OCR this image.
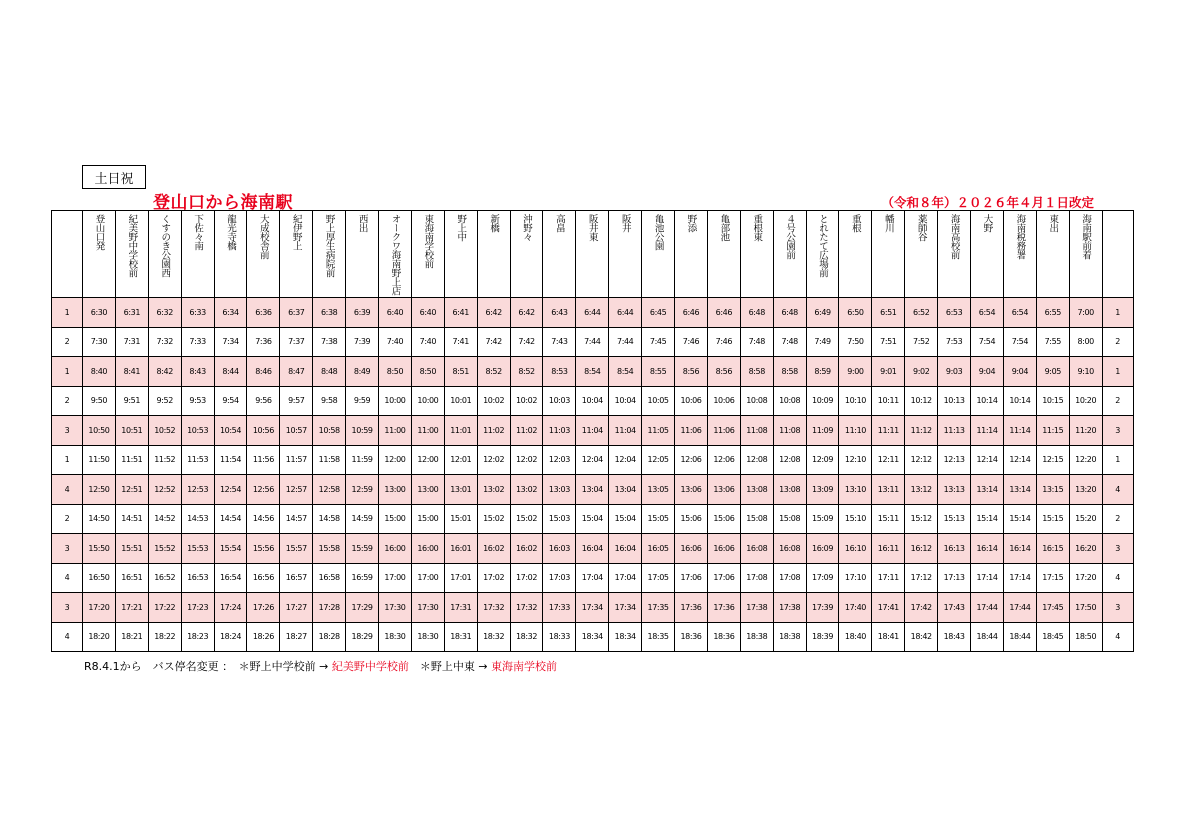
土日祝
登山口から海南駅	（令和８年）２０２６年４月１日改定
	登山口発	紀美野中学校前	くすのき公園西	下佐々南	龍光寺橋	大成校舎前	紀伊野上	野上厚生病院前	西出	オークワ海南野上店	東海南学校前	野上中	新橋	沖野々	高畠	阪井東	阪井	亀池公園	野添	亀部池	重根東	４号公園前	とれたて広場前	重根	幡川	薬師谷	海南高校前	大野	海南税務署	東出	海南駅前着	
1	6:30	6:31	6:32	6:33	6:34	6:36	6:37	6:38	6:39	6:40	6:40	6:41	6:42	6:42	6:43	6:44	6:44	6:45	6:46	6:46	6:48	6:48	6:49	6:50	6:51	6:52	6:53	6:54	6:54	6:55	7:00	1
2	7:30	7:31	7:32	7:33	7:34	7:36	7:37	7:38	7:39	7:40	7:40	7:41	7:42	7:42	7:43	7:44	7:44	7:45	7:46	7:46	7:48	7:48	7:49	7:50	7:51	7:52	7:53	7:54	7:54	7:55	8:00	2
1	8:40	8:41	8:42	8:43	8:44	8:46	8:47	8:48	8:49	8:50	8:50	8:51	8:52	8:52	8:53	8:54	8:54	8:55	8:56	8:56	8:58	8:58	8:59	9:00	9:01	9:02	9:03	9:04	9:04	9:05	9:10	1
2	9:50	9:51	9:52	9:53	9:54	9:56	9:57	9:58	9:59	10:00	10:00	10:01	10:02	10:02	10:03	10:04	10:04	10:05	10:06	10:06	10:08	10:08	10:09	10:10	10:11	10:12	10:13	10:14	10:14	10:15	10:20	2
3	10:50	10:51	10:52	10:53	10:54	10:56	10:57	10:58	10:59	11:00	11:00	11:01	11:02	11:02	11:03	11:04	11:04	11:05	11:06	11:06	11:08	11:08	11:09	11:10	11:11	11:12	11:13	11:14	11:14	11:15	11:20	3
1	11:50	11:51	11:52	11:53	11:54	11:56	11:57	11:58	11:59	12:00	12:00	12:01	12:02	12:02	12:03	12:04	12:04	12:05	12:06	12:06	12:08	12:08	12:09	12:10	12:11	12:12	12:13	12:14	12:14	12:15	12:20	1
4	12:50	12:51	12:52	12:53	12:54	12:56	12:57	12:58	12:59	13:00	13:00	13:01	13:02	13:02	13:03	13:04	13:04	13:05	13:06	13:06	13:08	13:08	13:09	13:10	13:11	13:12	13:13	13:14	13:14	13:15	13:20	4
2	14:50	14:51	14:52	14:53	14:54	14:56	14:57	14:58	14:59	15:00	15:00	15:01	15:02	15:02	15:03	15:04	15:04	15:05	15:06	15:06	15:08	15:08	15:09	15:10	15:11	15:12	15:13	15:14	15:14	15:15	15:20	2
3	15:50	15:51	15:52	15:53	15:54	15:56	15:57	15:58	15:59	16:00	16:00	16:01	16:02	16:02	16:03	16:04	16:04	16:05	16:06	16:06	16:08	16:08	16:09	16:10	16:11	16:12	16:13	16:14	16:14	16:15	16:20	3
4	16:50	16:51	16:52	16:53	16:54	16:56	16:57	16:58	16:59	17:00	17:00	17:01	17:02	17:02	17:03	17:04	17:04	17:05	17:06	17:06	17:08	17:08	17:09	17:10	17:11	17:12	17:13	17:14	17:14	17:15	17:20	4
3	17:20	17:21	17:22	17:23	17:24	17:26	17:27	17:28	17:29	17:30	17:30	17:31	17:32	17:32	17:33	17:34	17:34	17:35	17:36	17:36	17:38	17:38	17:39	17:40	17:41	17:42	17:43	17:44	17:44	17:45	17:50	3
4	18:20	18:21	18:22	18:23	18:24	18:26	18:27	18:28	18:29	18:30	18:30	18:31	18:32	18:32	18:33	18:34	18:34	18:35	18:36	18:36	18:38	18:38	18:39	18:40	18:41	18:42	18:43	18:44	18:44	18:45	18:50	4
R8.4.1から　バス停名変更 ：　＊野上中学校前 → 紀美野中学校前　＊野上中東 → 東海南学校前
